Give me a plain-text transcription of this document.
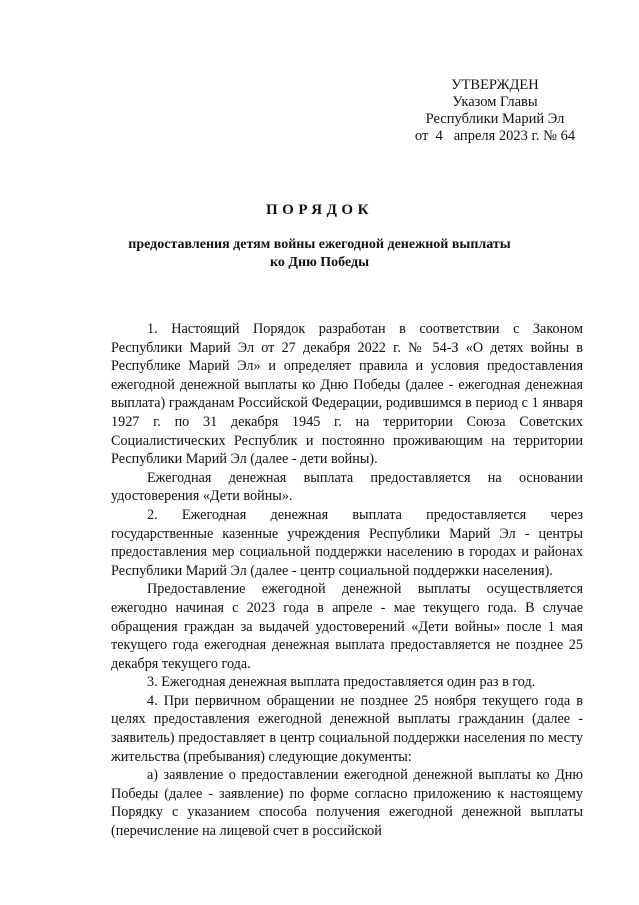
УТВЕРЖДЕН
Указом Главы
Республики Марий Эл
от  4   апреля 2023 г. № 64
ПОРЯДОК
предоставления детям войны ежегодной денежной выплаты
ко Дню Победы

1. Настоящий Порядок разработан в соответствии с Законом Республики Марий Эл от 27 декабря 2022 г. № 54-З «О детях войны в Республике Марий Эл» и определяет правила и условия предоставления ежегодной денежной выплаты ко Дню Победы (далее - ежегодная денежная выплата) гражданам Российской Федерации, родившимся в период с 1 января 1927 г. по 31 декабря 1945 г. на территории Союза Советских Социалистических Республик и постоянно проживающим на территории Республики Марий Эл (далее - дети войны).

Ежегодная денежная выплата предоставляется на основании удостоверения «Дети войны».

2. Ежегодная денежная выплата предоставляется через государственные казенные учреждения Республики Марий Эл - центры предоставления мер социальной поддержки населению в городах и районах Республики Марий Эл (далее - центр социальной поддержки населения).

Предоставление ежегодной денежной выплаты осуществляется ежегодно начиная с 2023 года в апреле - мае текущего года. В случае обращения граждан за выдачей удостоверений «Дети войны» после 1 мая текущего года ежегодная денежная выплата предоставляется не позднее 25 декабря текущего года.

3. Ежегодная денежная выплата предоставляется один раз в год.

4. При первичном обращении не позднее 25 ноября текущего года в целях предоставления ежегодной денежной выплаты гражданин (далее - заявитель) предоставляет в центр социальной поддержки населения по месту жительства (пребывания) следующие документы:

а) заявление о предоставлении ежегодной денежной выплаты ко Дню Победы (далее - заявление) по форме согласно приложению к настоящему Порядку с указанием способа получения ежегодной денежной выплаты (перечисление на лицевой счет в российской
